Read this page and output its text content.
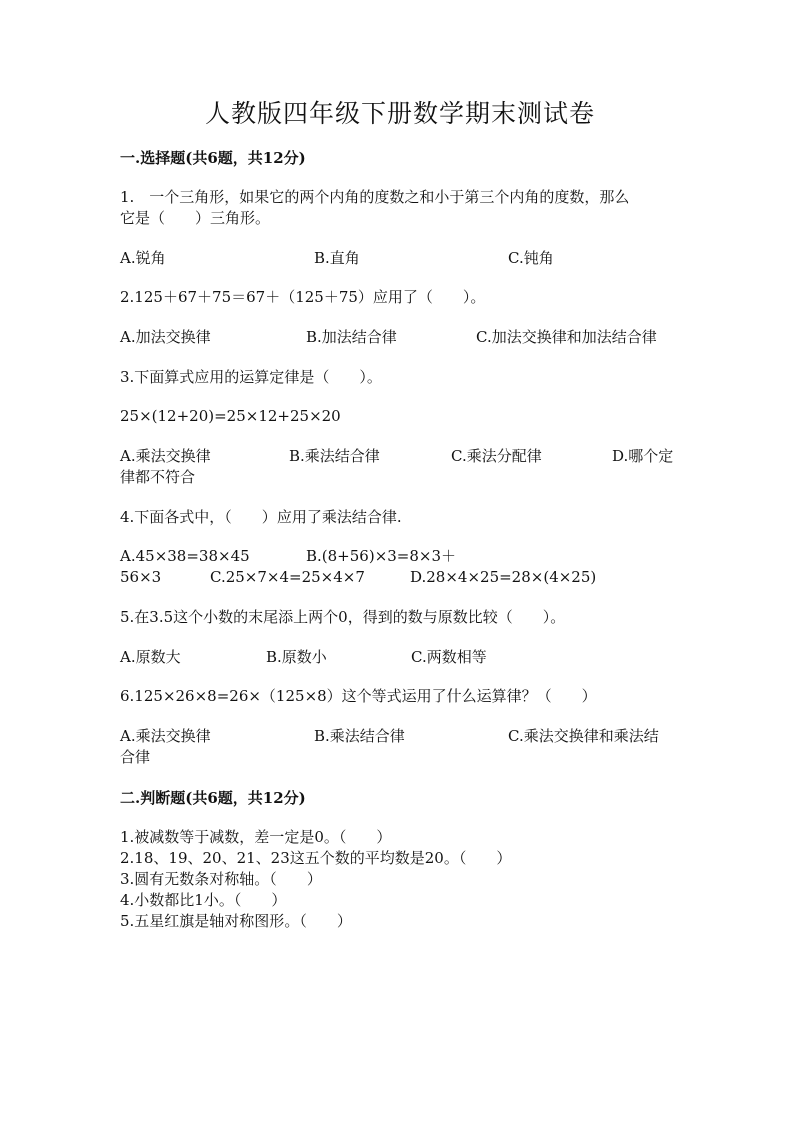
人教版四年级下册数学期末测试卷
一.选择题(共6题，共12分)
1.　一个三角形，如果它的两个内角的度数之和小于第三个内角的度数，那么
它是（　　）三角形。
A.锐角	B.直角	C.钝角
2.125＋67＋75＝67＋（125＋75）应用了（　　）。
A.加法交换律	B.加法结合律	C.加法交换律和加法结合律
3.下面算式应用的运算定律是（　　）。
25×(12+20)=25×12+25×20
A.乘法交换律	B.乘法结合律	C.乘法分配律	D.哪个定
律都不符合
4.下面各式中，（　　）应用了乘法结合律.
A.45×38=38×45	B.(8+56)×3=8×3＋
56×3	C.25×7×4=25×4×7	D.28×4×25=28×(4×25)
5.在3.5这个小数的末尾添上两个0，得到的数与原数比较（　　）。
A.原数大	B.原数小	C.两数相等
6.125×26×8=26×（125×8）这个等式运用了什么运算律？（　　）
A.乘法交换律	B.乘法结合律	C.乘法交换律和乘法结
合律
二.判断题(共6题，共12分)
1.被减数等于减数，差一定是0。（　　）
2.18、19、20、21、23这五个数的平均数是20。（　　）
3.圆有无数条对称轴。（　　）
4.小数都比1小。（　　）
5.五星红旗是轴对称图形。（　　）
